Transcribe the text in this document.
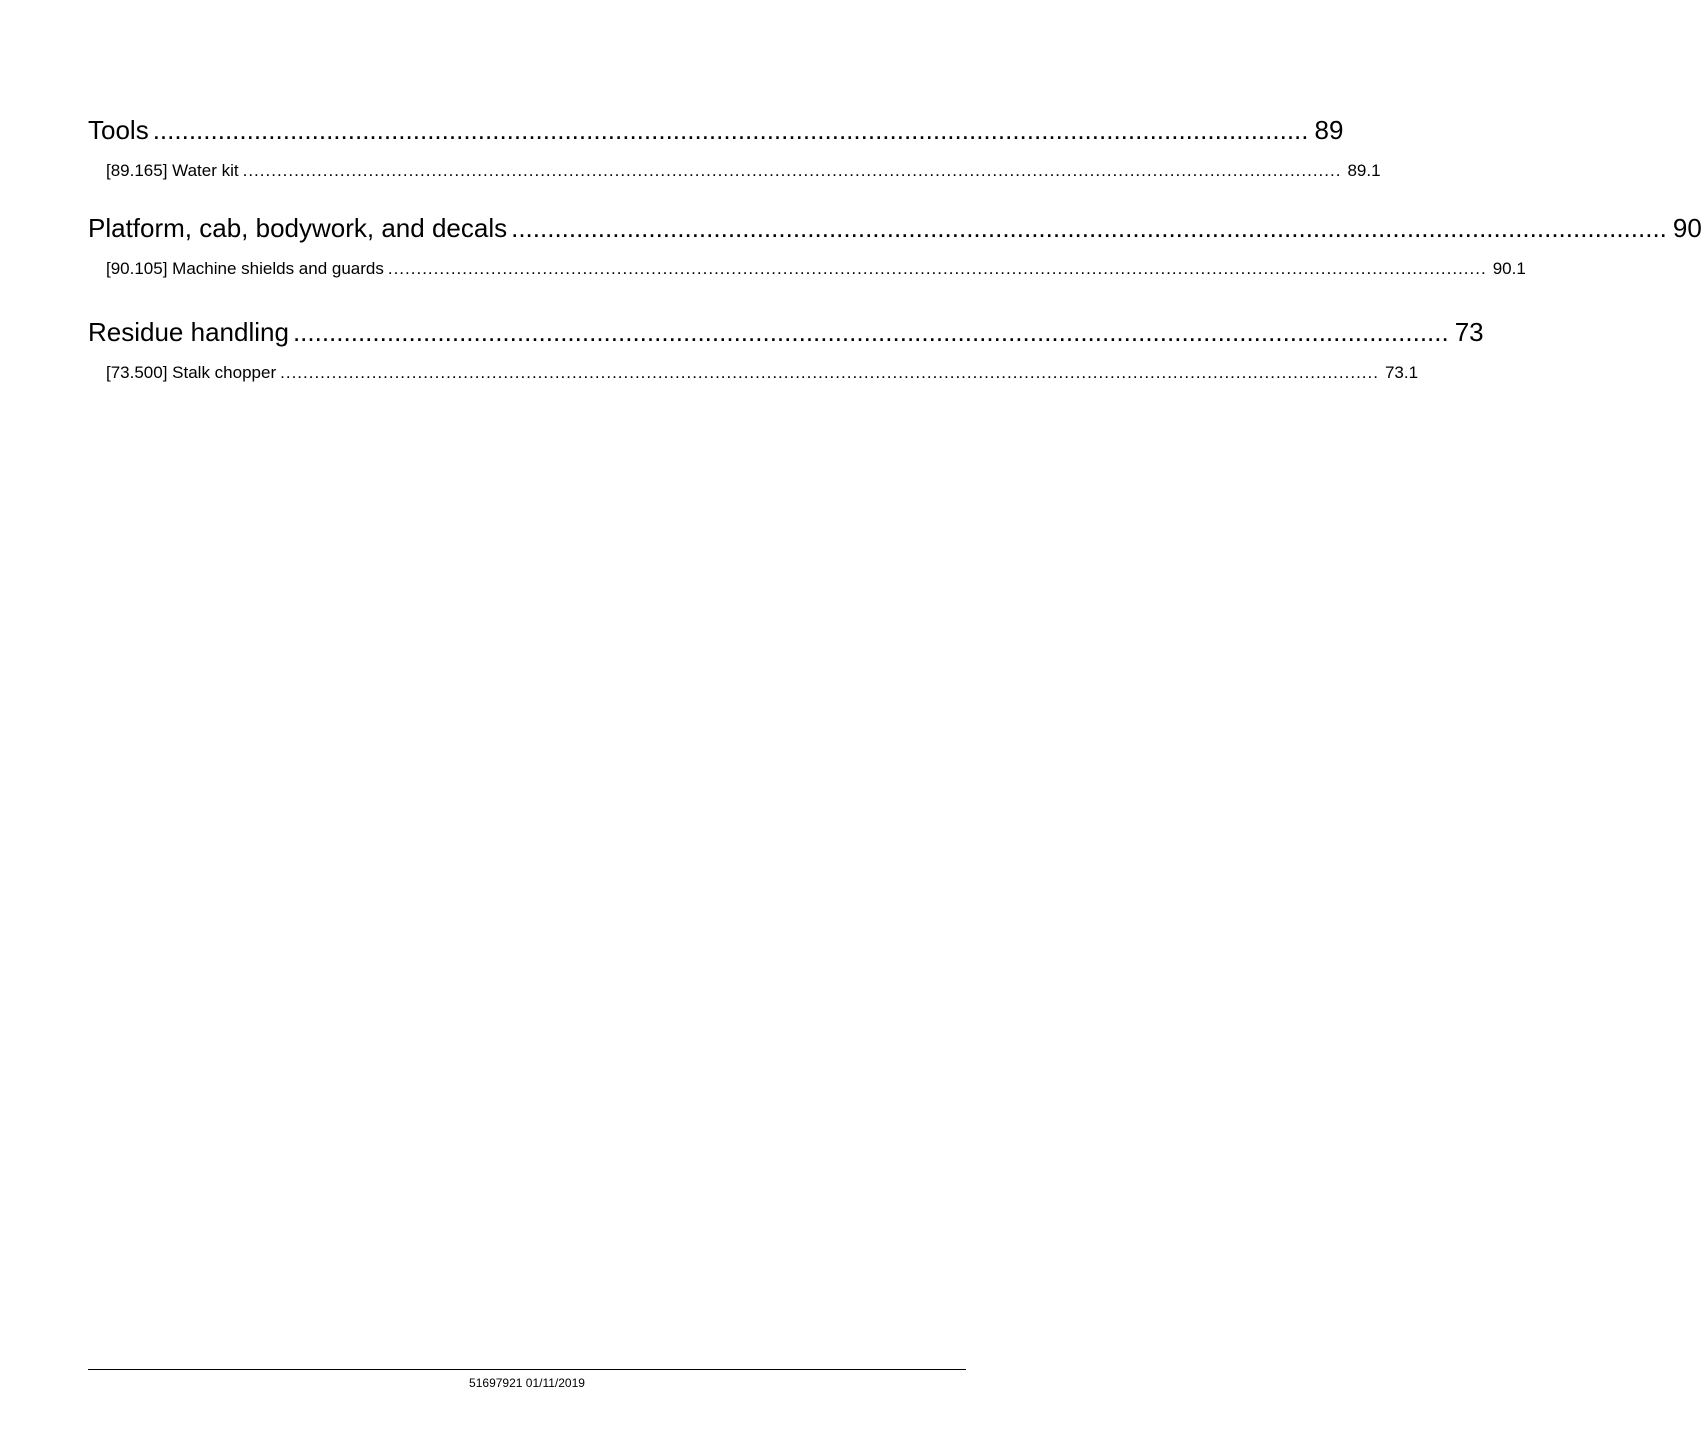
Tools ................................................................................................................................................................ 89
[89.165] Water kit ................................................................................................................................................................................................ 89.1
Platform, cab, bodywork, and decals ................................................................................................................................................................ 90
[90.105] Machine shields and guards ................................................................................................................................................................................................ 90.1
Residue handling ................................................................................................................................................................ 73
[73.500] Stalk chopper ................................................................................................................................................................................................ 73.1
51697921 01/11/2019
